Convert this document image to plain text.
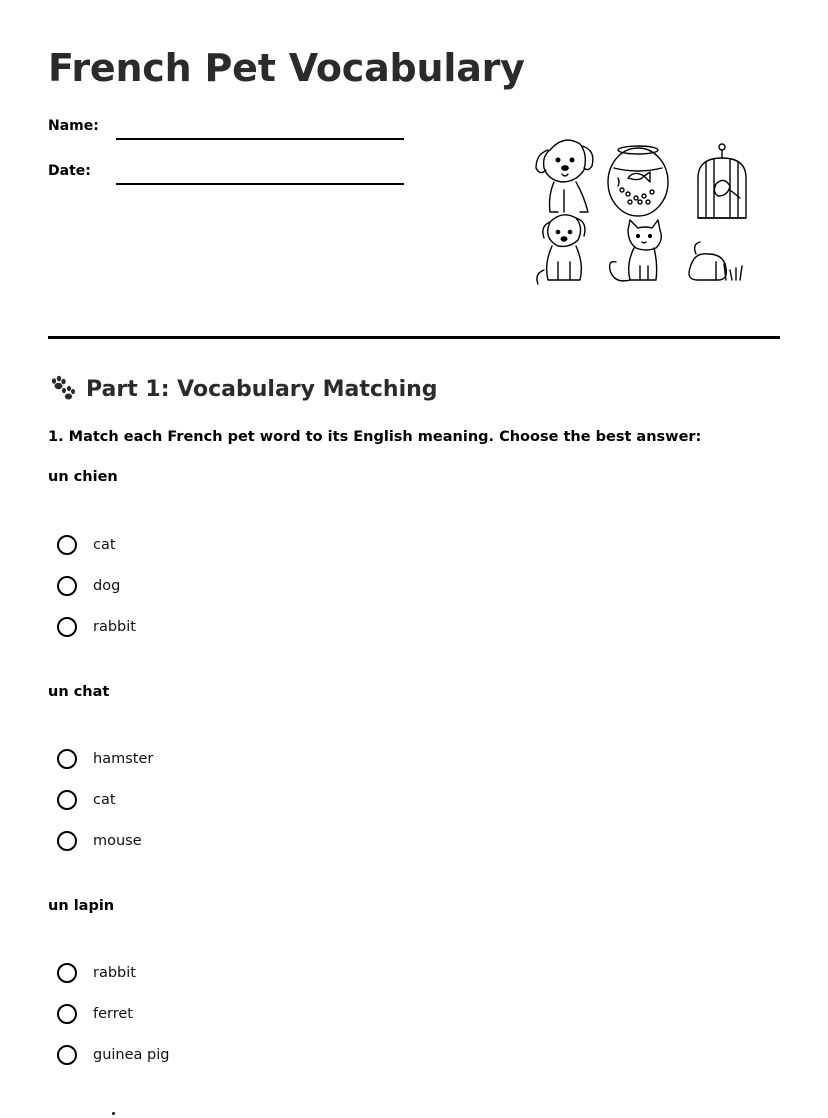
French Pet Vocabulary
Name:
Date:
Part 1: Vocabulary Matching
1. Match each French pet word to its English meaning. Choose the best answer:
un chien
cat
dog
rabbit
un chat
hamster
cat
mouse
un lapin
rabbit
ferret
guinea pig
